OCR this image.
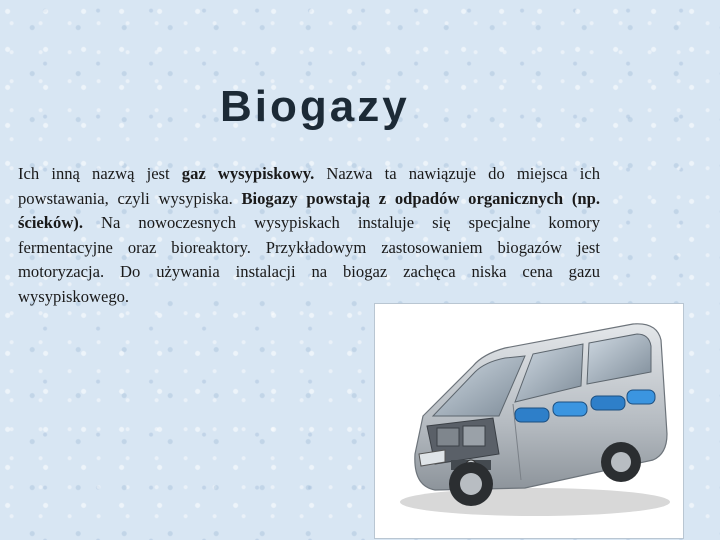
Biogazy

Ich inną nazwą jest gaz wysypiskowy. Nazwa ta nawiązuje do miejsca ich powstawania, czyli wysypiska. Biogazy powstają z odpadów organicznych (np. ścieków). Na nowoczesnych wysypiskach instaluje się specjalne komory fermentacyjne oraz bioreaktory. Przykładowym zastosowaniem biogazów jest motoryzacja. Do używania instalacji na biogaz zachęca niska cena gazu wysypiskowego.
